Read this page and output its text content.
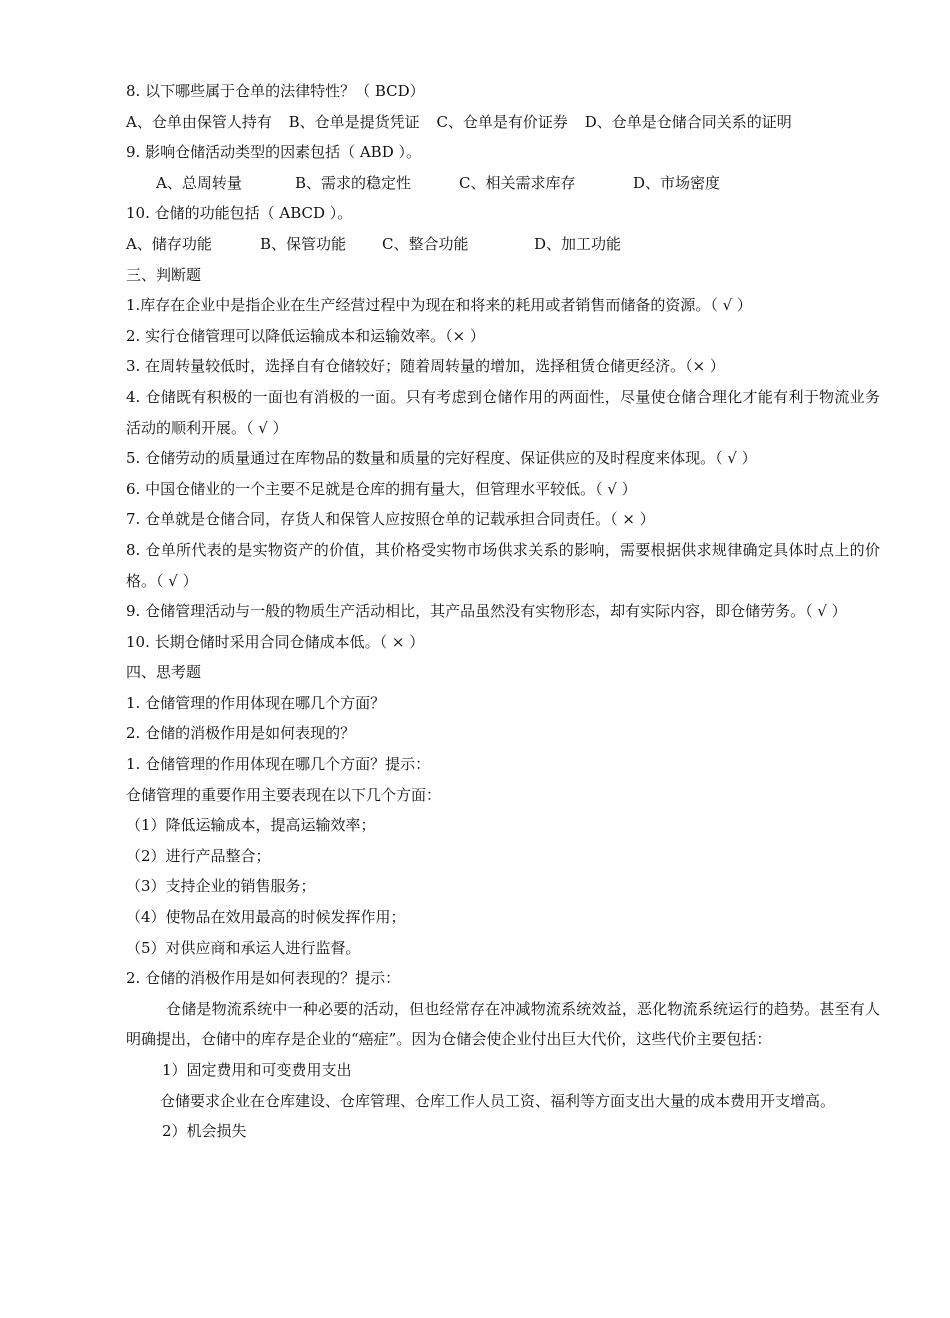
8. 以下哪些属于仓单的法律特性？（ BCD）
A、仓单由保管人持有 B、仓单是提货凭证 C、仓单是有价证券 D、仓单是仓储合同关系的证明
9. 影响仓储活动类型的因素包括（ ABD ）。
A、总周转量	B、需求的稳定性	C、相关需求库存	D、市场密度
10. 仓储的功能包括（ ABCD ）。
A、储存功能	B、保管功能 C、整合功能	D、加工功能
三、判断题
1.库存在企业中是指企业在生产经营过程中为现在和将来的耗用或者销售而储备的资源。（ √ ）
2. 实行仓储管理可以降低运输成本和运输效率。（× ）
3. 在周转量较低时，选择自有仓储较好；随着周转量的增加，选择租赁仓储更经济。（× ）
4. 仓储既有积极的一面也有消极的一面。只有考虑到仓储作用的两面性，尽量使仓储合理化才能有利于物流业务活动的顺利开展。（ √ ）
5. 仓储劳动的质量通过在库物品的数量和质量的完好程度、保证供应的及时程度来体现。（ √ ）
6. 中国仓储业的一个主要不足就是仓库的拥有量大，但管理水平较低。（ √ ）
7. 仓单就是仓储合同，存货人和保管人应按照仓单的记载承担合同责任。（ × ）
8. 仓单所代表的是实物资产的价值，其价格受实物市场供求关系的影响，需要根据供求规律确定具体时点上的价格。（ √ ）
9. 仓储管理活动与一般的物质生产活动相比，其产品虽然没有实物形态，却有实际内容，即仓储劳务。（ √ ）
10. 长期仓储时采用合同仓储成本低。（ × ）
四、思考题
1. 仓储管理的作用体现在哪几个方面？
2. 仓储的消极作用是如何表现的？
1. 仓储管理的作用体现在哪几个方面？提示：
仓储管理的重要作用主要表现在以下几个方面：
（1）降低运输成本，提高运输效率；
（2）进行产品整合；
（3）支持企业的销售服务；
（4）使物品在效用最高的时候发挥作用；
（5）对供应商和承运人进行监督。
2. 仓储的消极作用是如何表现的？提示：
仓储是物流系统中一种必要的活动，但也经常存在冲减物流系统效益，恶化物流系统运行的趋势。甚至有人明确提出，仓储中的库存是企业的“癌症”。因为仓储会使企业付出巨大代价，这些代价主要包括：
1）固定费用和可变费用支出
仓储要求企业在仓库建设、仓库管理、仓库工作人员工资、福利等方面支出大量的成本费用开支增高。
2）机会损失
